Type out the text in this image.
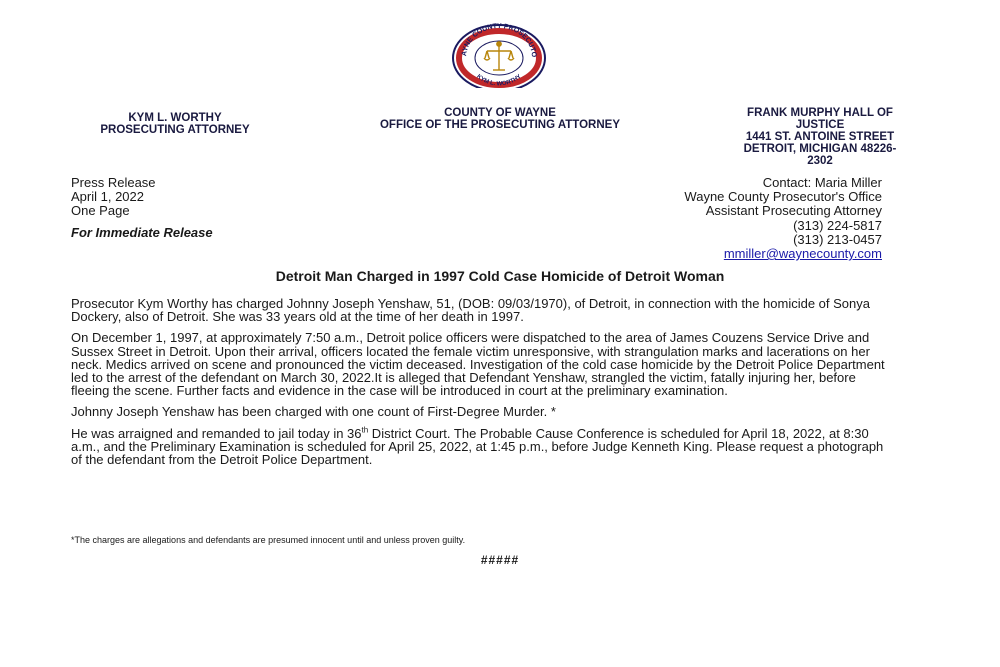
AYNE COUNTY PROSECUTO
KYM L. WORTHY
KYM L. WORTHY
PROSECUTING ATTORNEY
COUNTY OF WAYNE
OFFICE OF THE PROSECUTING ATTORNEY
FRANK MURPHY HALL OF
JUSTICE
1441 ST. ANTOINE STREET
DETROIT, MICHIGAN 48226-
2302
Press Release
April 1, 2022
One Page
For Immediate Release
Contact: Maria Miller
Wayne County Prosecutor's Office
Assistant Prosecuting Attorney
(313) 224-5817
(313) 213-0457
mmiller@waynecounty.com
Detroit Man Charged in 1997 Cold Case Homicide of Detroit Woman

Prosecutor Kym Worthy has charged Johnny Joseph Yenshaw, 51, (DOB: 09/03/1970), of Detroit, in connection with the homicide of Sonya Dockery, also of Detroit. She was 33 years old at the time of her death in 1997.

On December 1, 1997, at approximately 7:50 a.m., Detroit police officers were dispatched to the area of James Couzens Service Drive and Sussex Street in Detroit. Upon their arrival, officers located the female victim unresponsive, with strangulation marks and lacerations on her neck. Medics arrived on scene and pronounced the victim deceased. Investigation of the cold case homicide by the Detroit Police Department led to the arrest of the defendant on March 30, 2022.It is alleged that Defendant Yenshaw, strangled the victim, fatally injuring her, before fleeing the scene. Further facts and evidence in the case will be introduced in court at the preliminary examination.

Johnny Joseph Yenshaw has been charged with one count of First-Degree Murder. *

He was arraigned and remanded to jail today in 36th District Court. The Probable Cause Conference is scheduled for April 18, 2022, at 8:30 a.m., and the Preliminary Examination is scheduled for April 25, 2022, at 1:45 p.m., before Judge Kenneth King. Please request a photograph of the defendant from the Detroit Police Department.

*The charges are allegations and defendants are presumed innocent until and unless proven guilty.
#####
